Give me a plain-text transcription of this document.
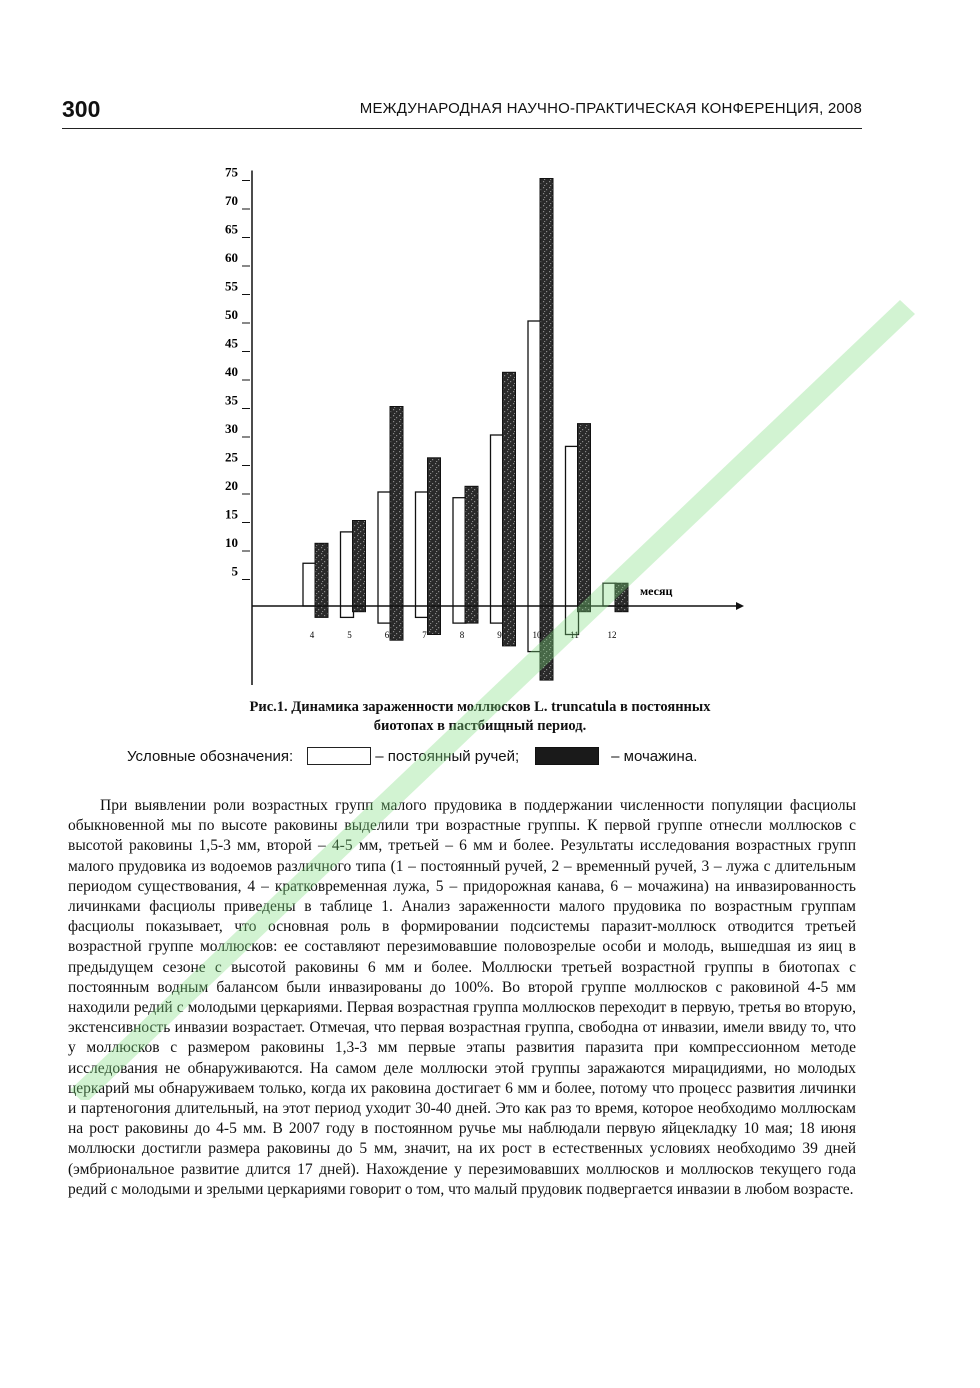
300	МЕЖДУНАРОДНАЯ НАУЧНО-ПРАКТИЧЕСКАЯ КОНФЕРЕНЦИЯ, 2008
5
10
15
20
25
30
35
40
45
50
55
60
65
70
75
4	5	6	7	8	9	10	11	12
месяц
Рис.1. Динамика зараженности моллюсков L. truncatula в постоянных
биотопах в пастбищный период.
Условные обозначения:	– постоянный ручей;	– мочажина.

При выявлении роли возрастных групп малого прудовика в поддержании численности популяции фасциолы обыкновенной мы по высоте раковины выделили три возрастные группы. К первой группе отнесли моллюсков с высотой раковины 1,5-3 мм, второй – 4-5 мм, третьей – 6 мм и более. Результаты исследования возрастных групп малого прудовика из водоемов различного типа (1 – постоянный ручей, 2 – временный ручей, 3 – лужа с длительным периодом существования, 4 – кратковременная лужа, 5 – придорожная канава, 6 – мочажина) на инвазированность личинками фасциолы приведены в таблице 1. Анализ зараженности малого прудовика по возрастным группам фасциолы показывает, что основная роль в формировании подсистемы паразит-моллюск отводится третьей возрастной группе моллюсков: ее составляют перезимовавшие половозрелые особи и молодь, вышедшая из яиц в предыдущем сезоне с высотой раковины 6 мм и более. Моллюски третьей возрастной группы в биотопах с постоянным водным балансом были инвазированы до 100%. Во второй группе моллюсков с раковиной 4-5 мм находили редий с молодыми церкариями. Первая возрастная группа моллюсков переходит в первую, третья во вторую, экстенсивность инвазии возрастает. Отмечая, что первая возрастная группа, свободна от инвазии, имели ввиду то, что у моллюсков с размером раковины 1,3-3 мм первые этапы развития паразита при компрессионном методе исследования не обнаруживаются. На самом деле моллюски этой группы заражаются мирацидиями, но молодых церкарий мы обнаруживаем только, когда их раковина достигает 6 мм и более, потому что процесс развития личинки и партеногония длительный, на этот период уходит 30-40 дней. Это как раз то время, которое необходимо моллюскам на рост раковины до 4-5 мм. В 2007 году в постоянном ручье мы наблюдали первую яйцекладку 10 мая; 18 июня моллюски достигли размера раковины до 5 мм, значит, на их рост в естественных условиях необходимо 39 дней (эмбриональное развитие длится 17 дней). Нахождение у перезимовавших моллюсков и моллюсков текущего года редий с молодыми и зрелыми церкариями говорит о том, что малый прудовик подвергается инвазии в любом возрасте.
